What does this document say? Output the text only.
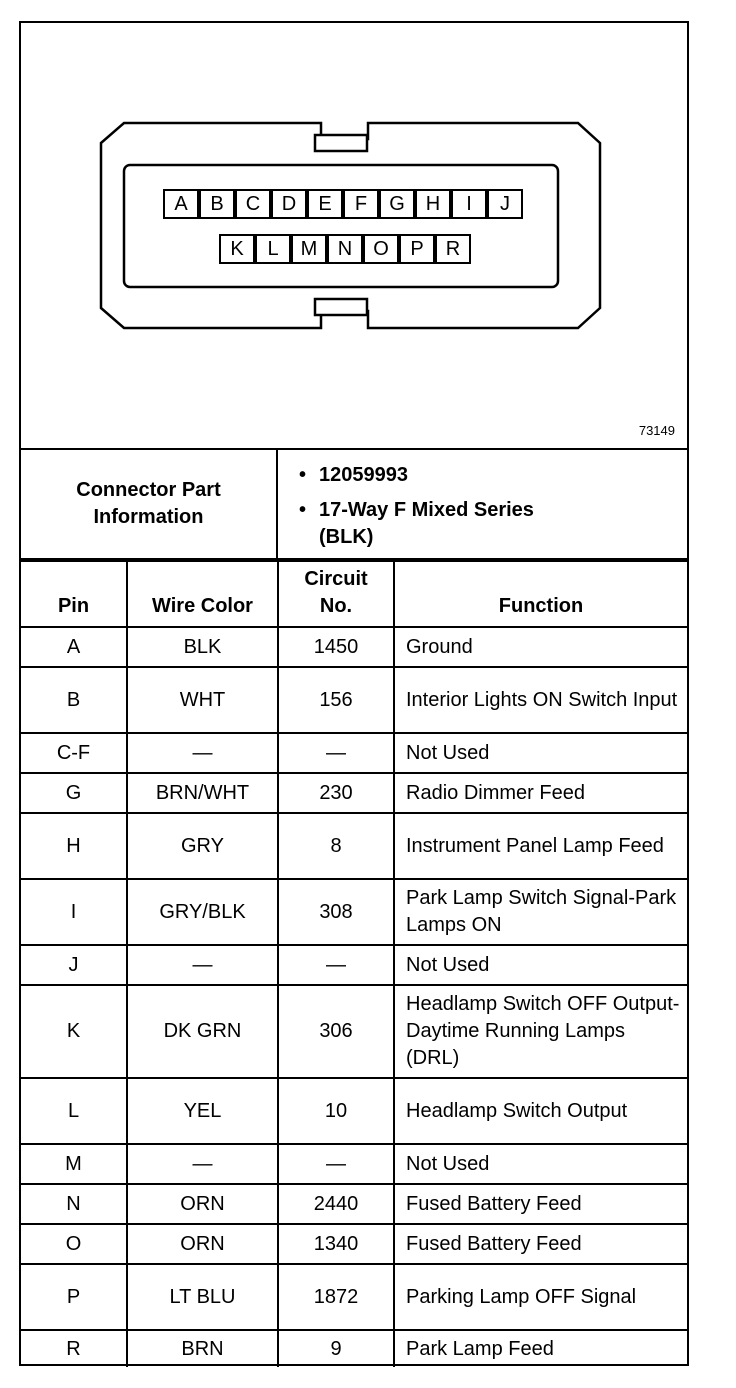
A	B	C	D	E	F	G	H	I	J
K	L	M	N	O	P	R
73149
Connector Part Information
• 12059993
• 17-Way F Mixed Series (BLK)
Pin	Wire Color	Circuit No.	Function
A	BLK	1450	Ground
B	WHT	156	Interior Lights ON Switch Input
C-F	—	—	Not Used
G	BRN/WHT	230	Radio Dimmer Feed
H	GRY	8	Instrument Panel Lamp Feed
I	GRY/BLK	308	Park Lamp Switch Signal-Park Lamps ON
J	—	—	Not Used
K	DK GRN	306	Headlamp Switch OFF Output-Daytime Running Lamps (DRL)
L	YEL	10	Headlamp Switch Output
M	—	—	Not Used
N	ORN	2440	Fused Battery Feed
O	ORN	1340	Fused Battery Feed
P	LT BLU	1872	Parking Lamp OFF Signal
R	BRN	9	Park Lamp Feed
